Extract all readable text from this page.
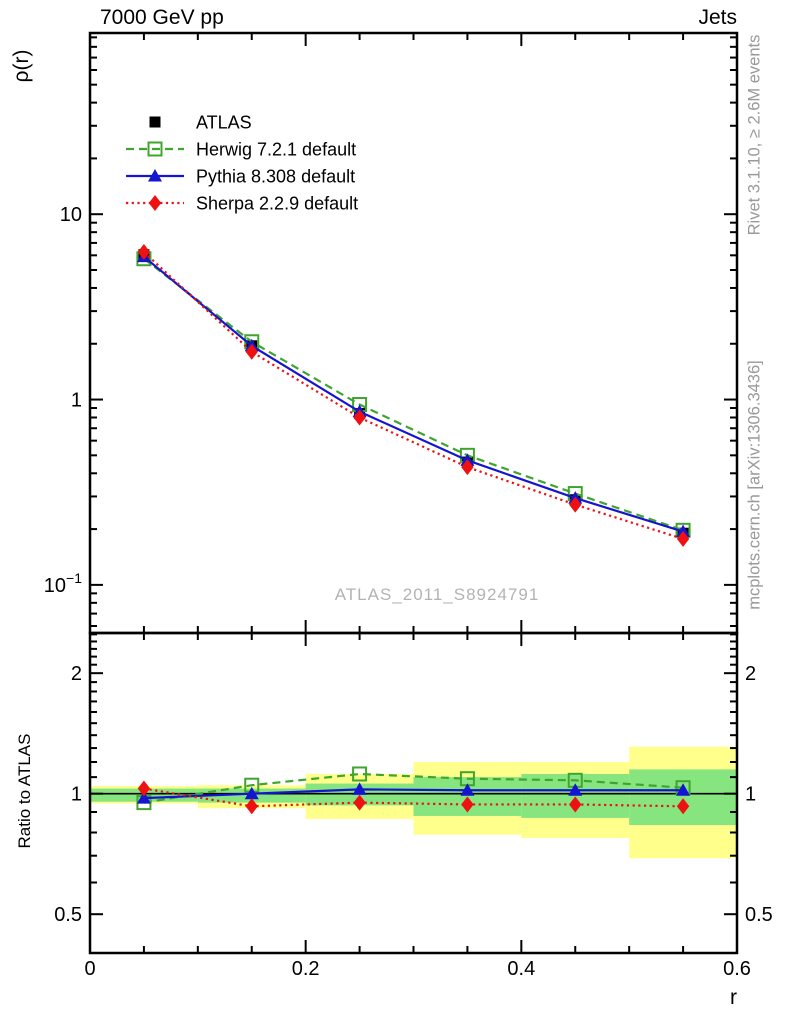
10
1
$10^{-1}$
2	2
1	1
0.5	0.5
0	0.2	0.4	0.6
ATLAS
Herwig 7.2.1 default
Pythia 8.308 default
Sherpa 2.2.9 default
7000 GeV pp	Jets
ρ(r)
Ratio to ATLAS
r
ATLAS_2011_S8924791
Rivet 3.1.10, ≥ 2.6M events
mcplots.cern.ch [arXiv:1306.3436]
